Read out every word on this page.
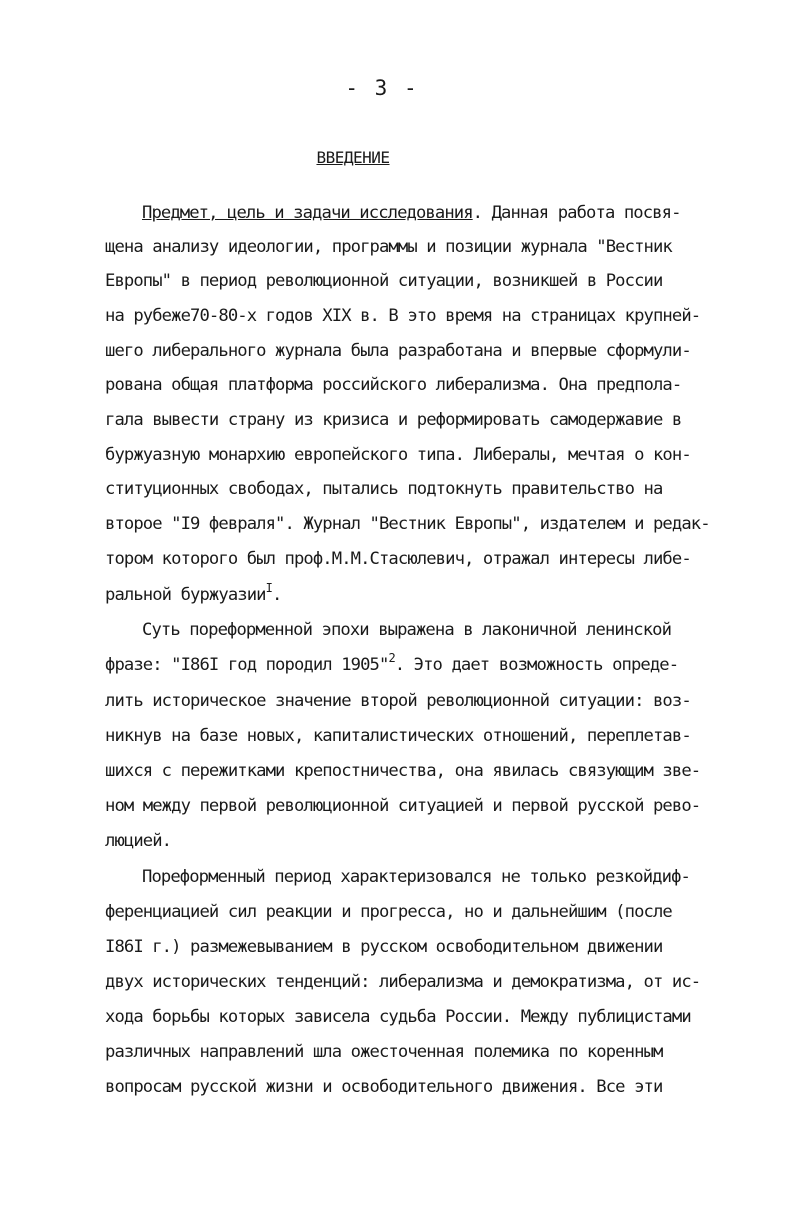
- 3 -
ВВЕДЕНИЕ
Предмет, цель и задачи исследования. Данная работа посвя-
щена анализу идеологии, программы и позиции журнала "Вестник
Европы" в период революционной ситуации, возникшей в России
на рубеже70-80-х годов XIX в. В это время на страницах крупней-
шего либерального журнала была разработана и впервые сформули-
рована общая платформа российского либерализма. Она предпола-
гала вывести страну из кризиса и реформировать самодержавие в
буржуазную монархию европейского типа. Либералы, мечтая о кон-
ституционных свободах, пытались подтокнуть правительство на
второе "I9 февраля". Журнал "Вестник Европы", издателем и редак-
тором которого был проф.М.М.Стасюлевич, отражал интересы либе-
ральной буржуазии$^I$.
Суть пореформенной эпохи выражена в лаконичной ленинской
фразе: "I86I год породил 1905"$^2$. Это дает возможность опреде-
лить историческое значение второй революционной ситуации: воз-
никнув на базе новых, капиталистических отношений, переплетав-
шихся с пережитками крепостничества, она явилась связующим зве-
ном между первой революционной ситуацией и первой русской рево-
люцией.
Пореформенный период характеризовался не только резкойдиф-
ференциацией сил реакции и прогресса, но и дальнейшим (после
I86I г.) размежевыванием в русском освободительном движении
двух исторических тенденций: либерализма и демократизма, от ис-
хода борьбы которых зависела судьба России. Между публицистами
различных направлений шла ожесточенная полемика по коренным
вопросам русской жизни и освободительного движения. Все эти
